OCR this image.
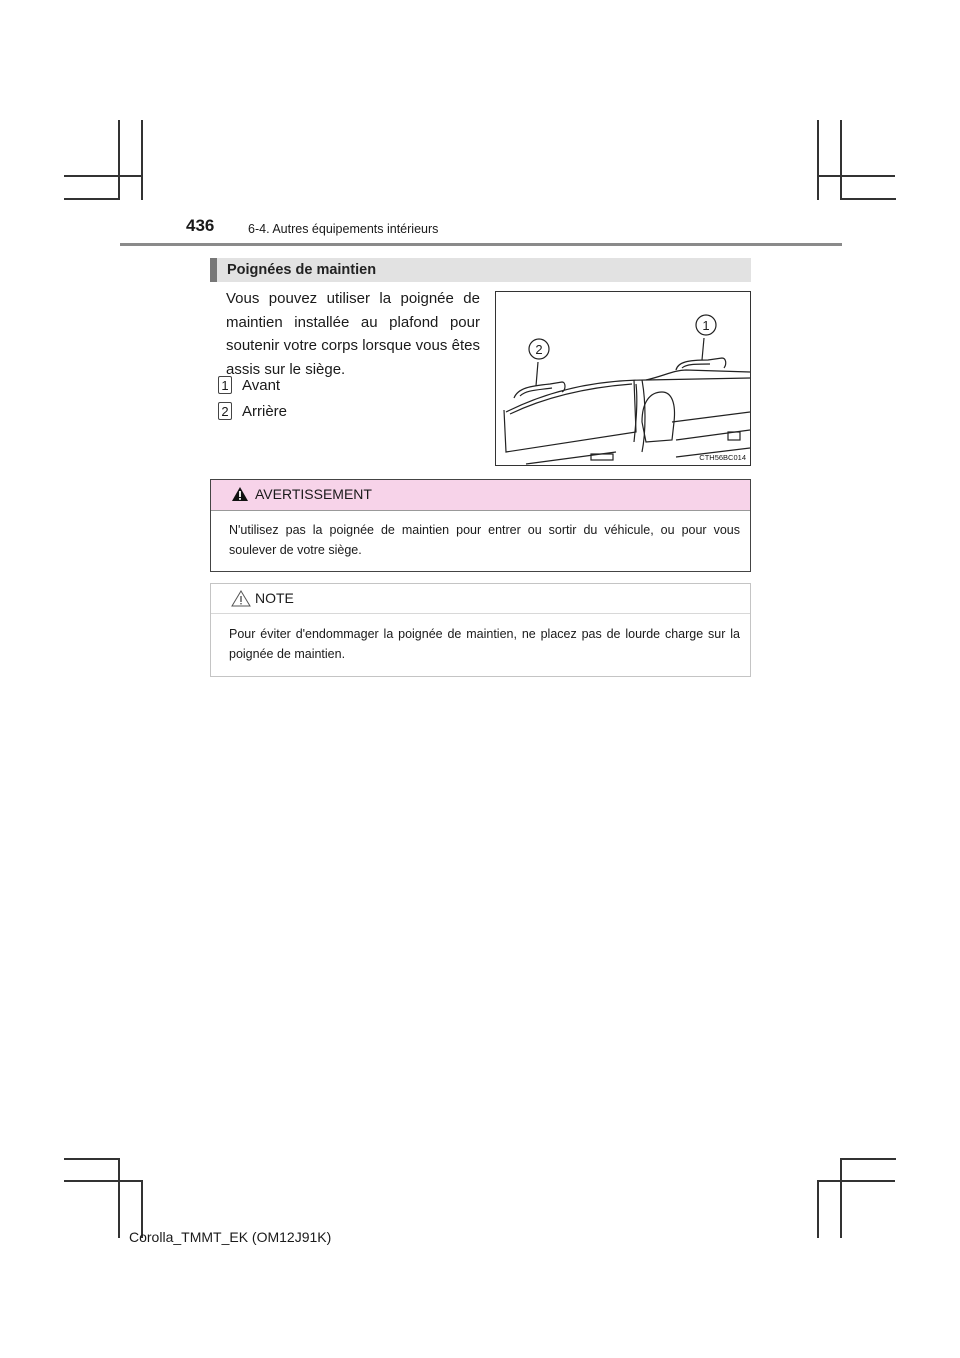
436	6-4. Autres équipements intérieurs
Poignées de maintien
Vous pouvez utiliser la poignée de maintien installée au plafond pour soutenir votre corps lorsque vous êtes assis sur le siège.
1 Avant
2 Arrière
1
2
CTH56BC014
AVERTISSEMENT
N'utilisez pas la poignée de maintien pour entrer ou sortir du véhicule, ou pour vous soulever de votre siège.
NOTE
Pour éviter d'endommager la poignée de maintien, ne placez pas de lourde charge sur la poignée de maintien.
Corolla_TMMT_EK (OM12J91K)
